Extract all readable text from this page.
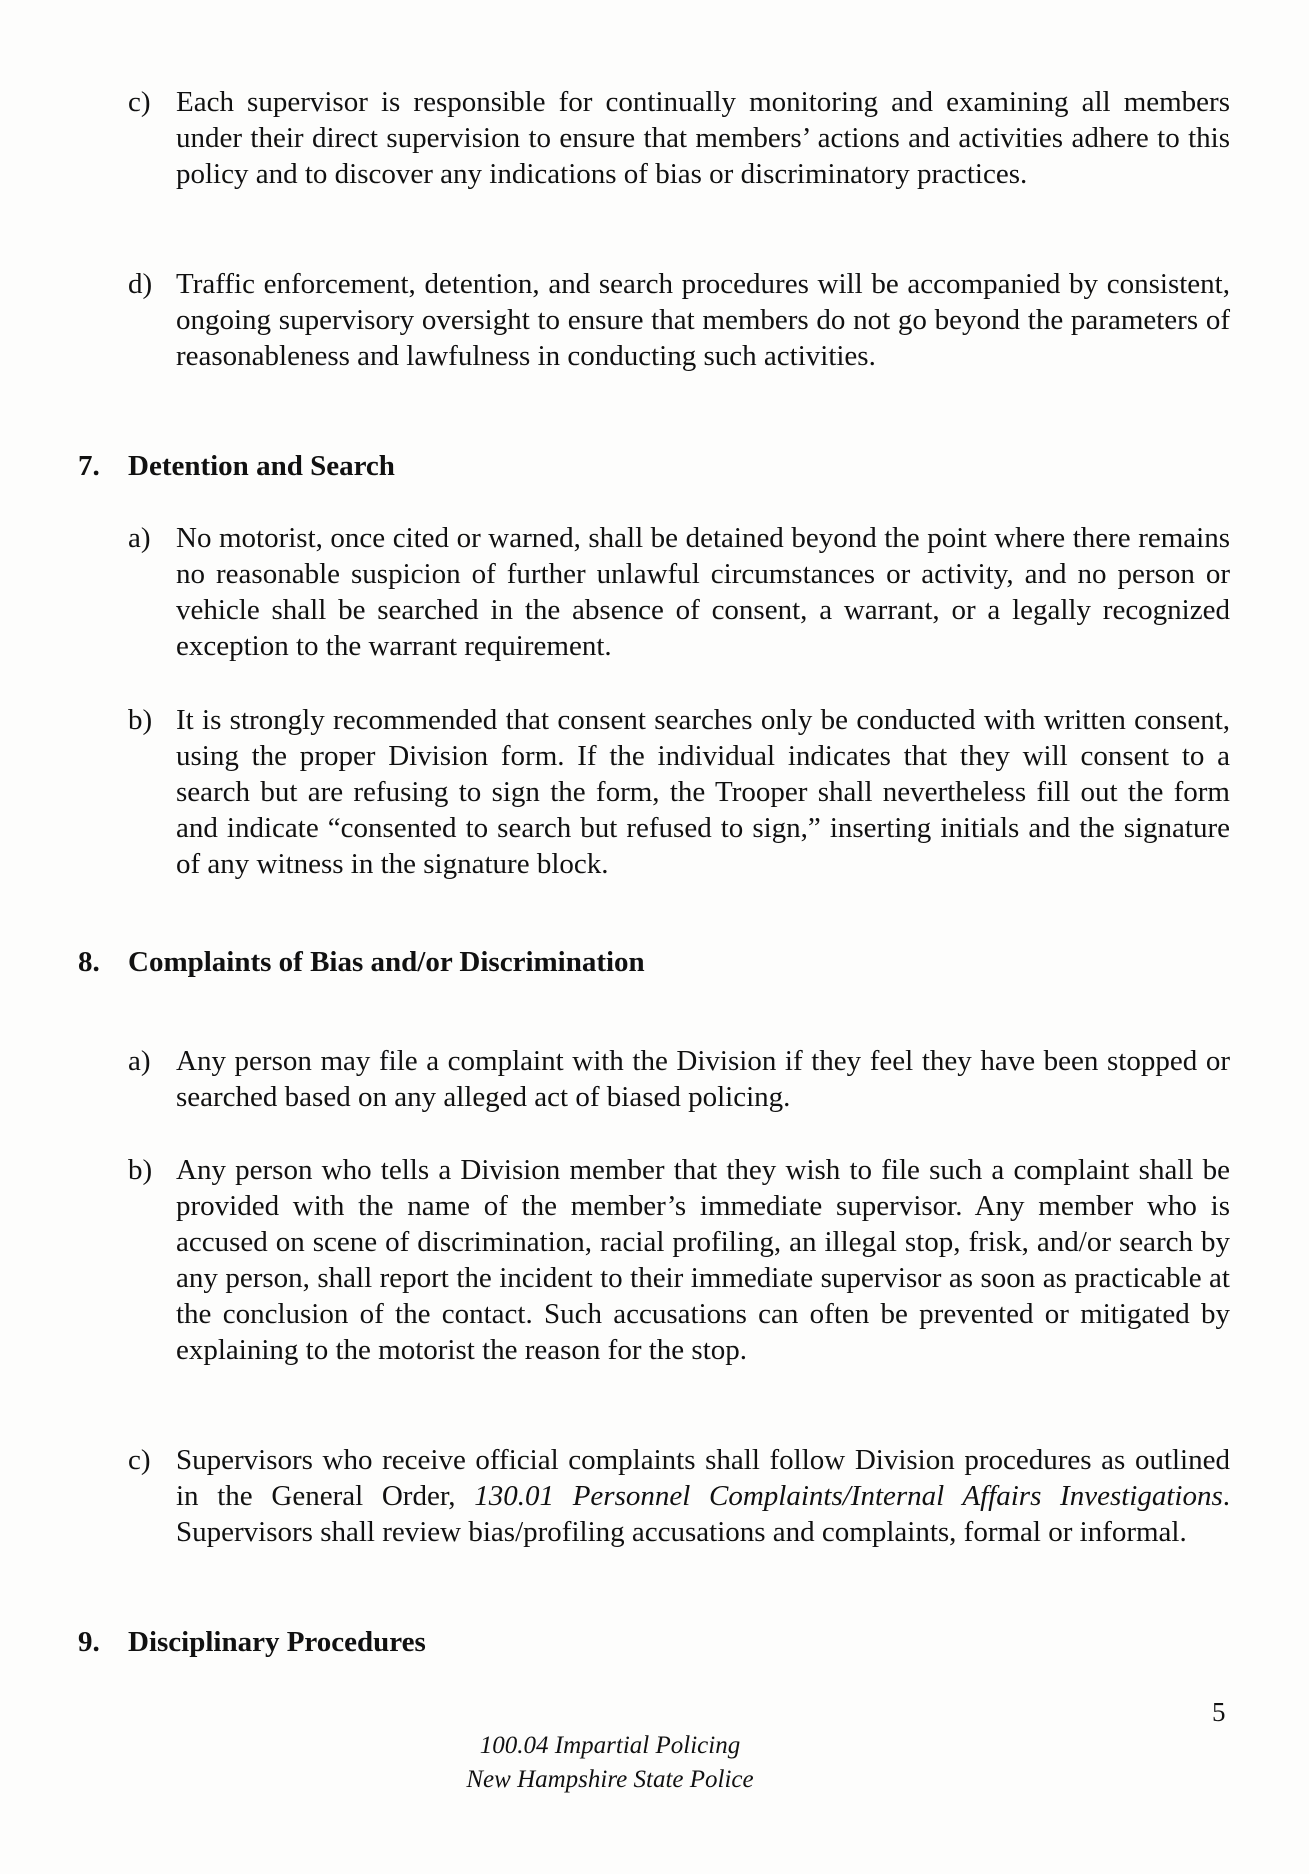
c) Each supervisor is responsible for continually monitoring and examining all members under their direct supervision to ensure that members’ actions and activities adhere to this policy and to discover any indications of bias or discriminatory practices.
d) Traffic enforcement, detention, and search procedures will be accompanied by consistent, ongoing supervisory oversight to ensure that members do not go beyond the parameters of reasonableness and lawfulness in conducting such activities.
7. Detention and Search
a) No motorist, once cited or warned, shall be detained beyond the point where there remains no reasonable suspicion of further unlawful circumstances or activity, and no person or vehicle shall be searched in the absence of consent, a warrant, or a legally recognized exception to the warrant requirement.
b) It is strongly recommended that consent searches only be conducted with written consent, using the proper Division form. If the individual indicates that they will consent to a search but are refusing to sign the form, the Trooper shall nevertheless fill out the form and indicate “consented to search but refused to sign,” inserting initials and the signature of any witness in the signature block.
8. Complaints of Bias and/or Discrimination
a) Any person may file a complaint with the Division if they feel they have been stopped or searched based on any alleged act of biased policing.
b) Any person who tells a Division member that they wish to file such a complaint shall be provided with the name of the member’s immediate supervisor. Any member who is accused on scene of discrimination, racial profiling, an illegal stop, frisk, and/or search by any person, shall report the incident to their immediate supervisor as soon as practicable at the conclusion of the contact. Such accusations can often be prevented or mitigated by explaining to the motorist the reason for the stop.
c) Supervisors who receive official complaints shall follow Division procedures as outlined in the General Order, 130.01 Personnel Complaints/Internal Affairs Investigations. Supervisors shall review bias/profiling accusations and complaints, formal or informal.
9. Disciplinary Procedures
5
100.04 Impartial Policing
New Hampshire State Police
